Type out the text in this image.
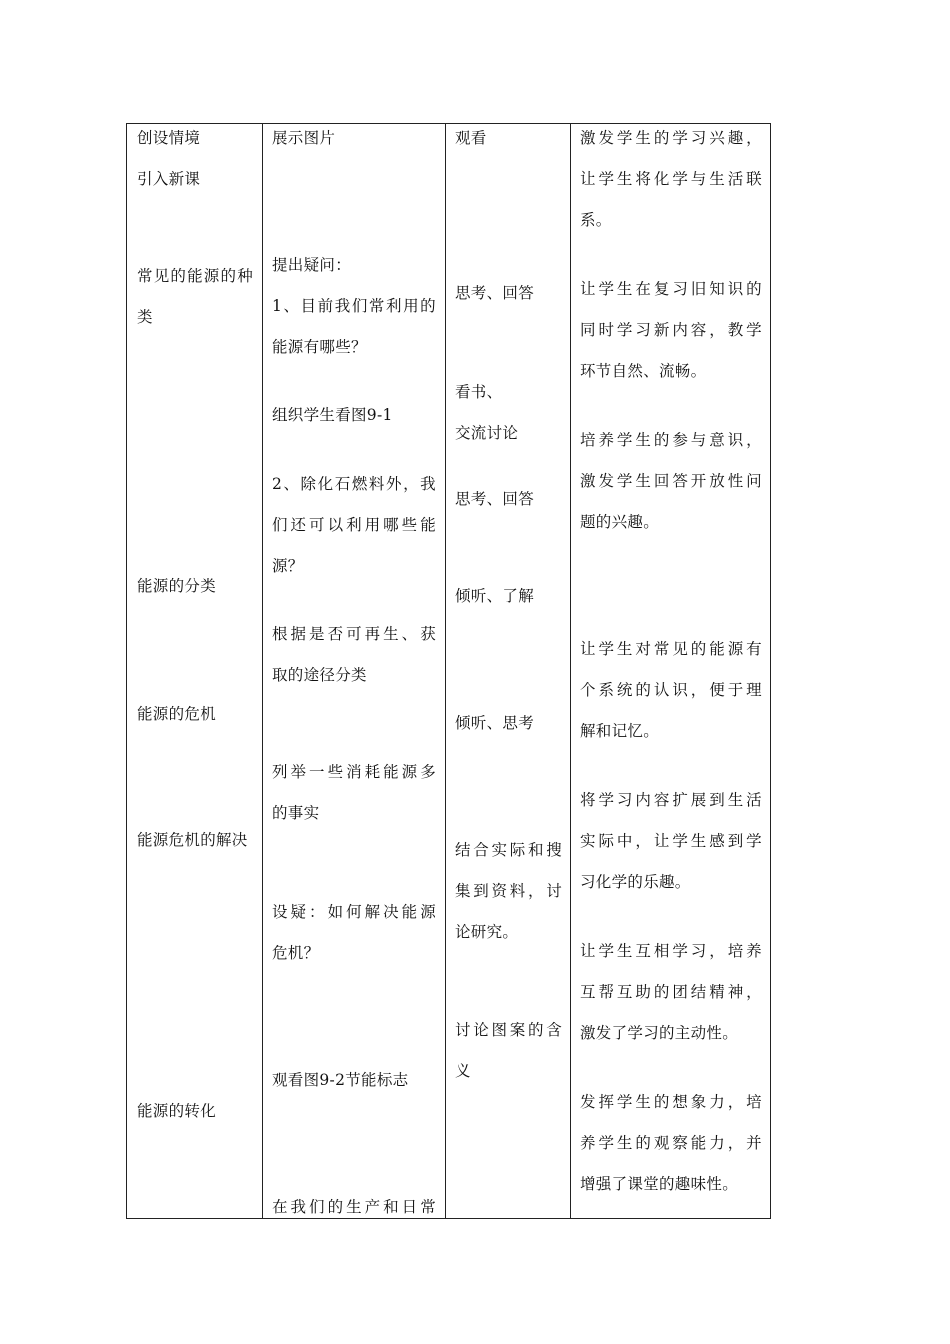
创设情境
引入新课
常见的能源的种
类
能源的分类
能源的危机
能源危机的解决
能源的转化
展示图片
提出疑问：
1、目前我们常利用的
能源有哪些？
组织学生看图9-1
2、除化石燃料外，我
们还可以利用哪些能
源？
根据是否可再生、获
取的途径分类
列举一些消耗能源多
的事实
设疑：如何解决能源
危机？
观看图9-2节能标志
在我们的生产和日常
观看
思考、回答
看书、
交流讨论
思考、回答
倾听、了解
倾听、思考
结合实际和搜
集到资料，讨
论研究。
讨论图案的含
义
激发学生的学习兴趣，
让学生将化学与生活联
系。
让学生在复习旧知识的
同时学习新内容，教学
环节自然、流畅。
培养学生的参与意识，
激发学生回答开放性问
题的兴趣。
让学生对常见的能源有
个系统的认识，便于理
解和记忆。
将学习内容扩展到生活
实际中，让学生感到学
习化学的乐趣。
让学生互相学习，培养
互帮互助的团结精神，
激发了学习的主动性。
发挥学生的想象力，培
养学生的观察能力，并
增强了课堂的趣味性。
